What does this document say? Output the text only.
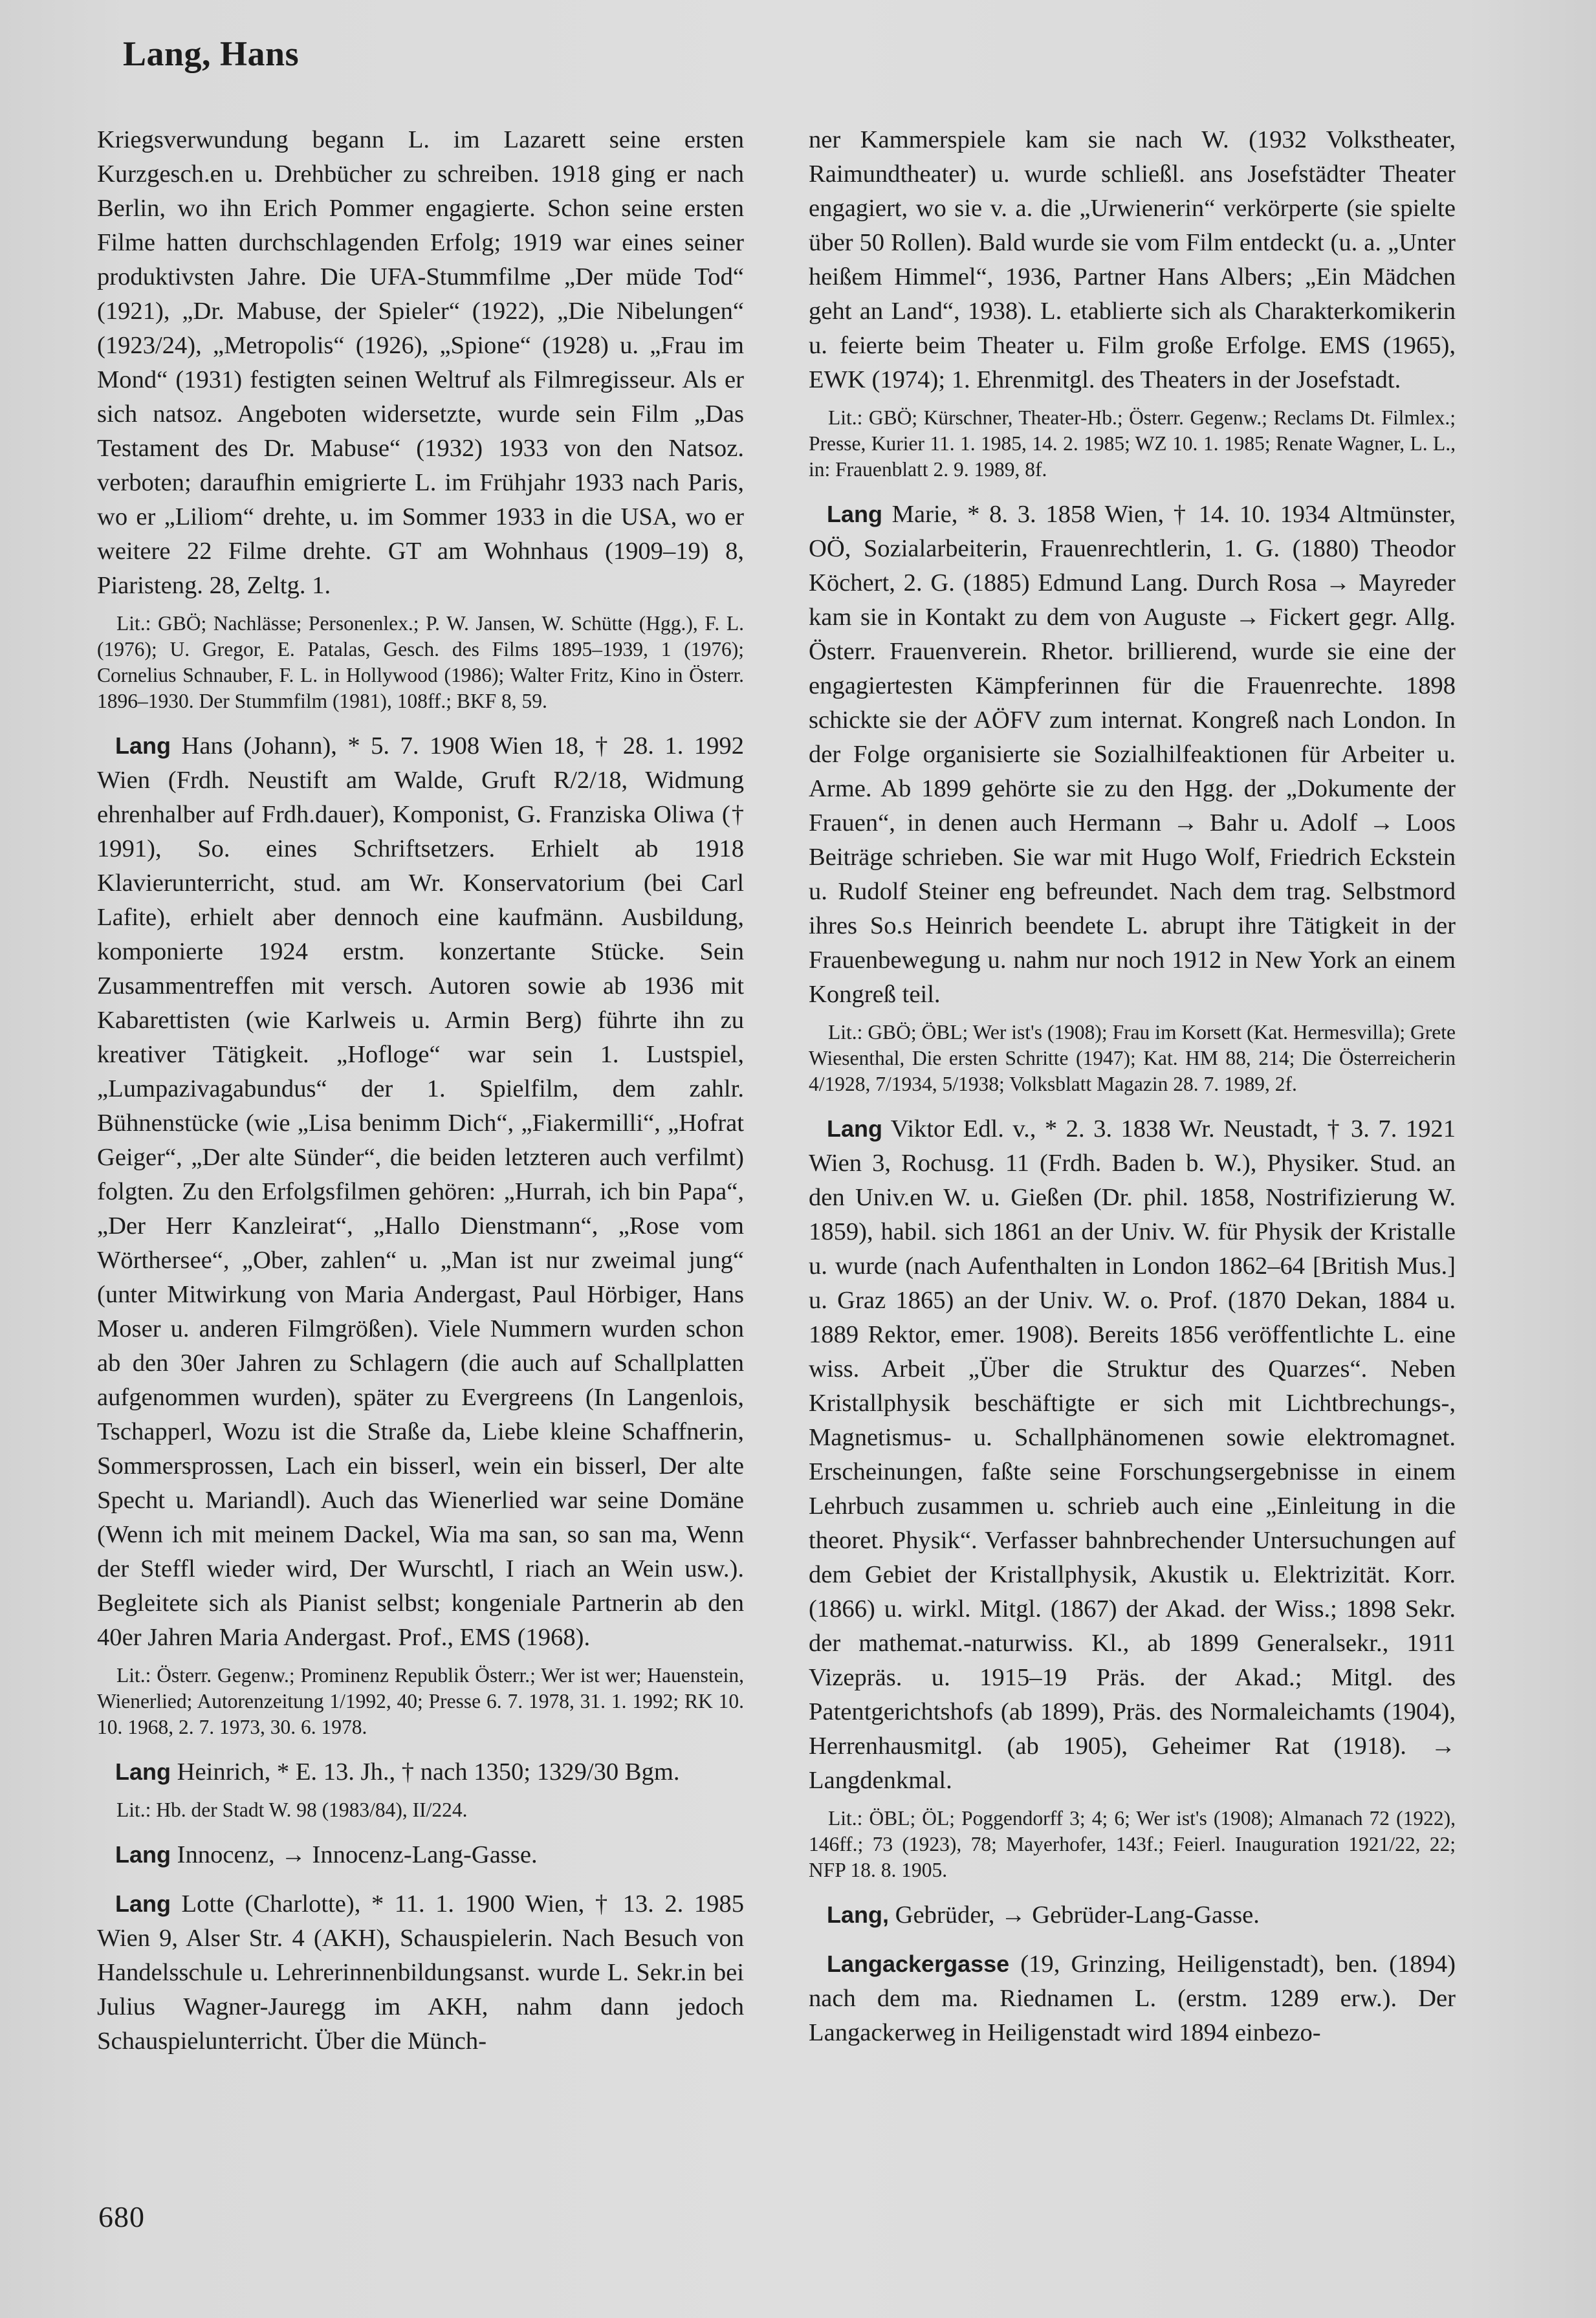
Lang, Hans

Kriegsverwundung begann L. im Lazarett seine ersten Kurzgesch.en u. Drehbücher zu schreiben. 1918 ging er nach Berlin, wo ihn Erich Pommer engagierte. Schon seine ersten Filme hatten durchschlagenden Erfolg; 1919 war eines seiner produktivsten Jahre. Die UFA-Stummfilme „Der müde Tod“ (1921), „Dr. Mabuse, der Spieler“ (1922), „Die Nibelungen“ (1923/24), „Metropolis“ (1926), „Spione“ (1928) u. „Frau im Mond“ (1931) festigten seinen Weltruf als Filmregisseur. Als er sich natsoz. Angeboten widersetzte, wurde sein Film „Das Testament des Dr. Mabuse“ (1932) 1933 von den Natsoz. verboten; daraufhin emigrierte L. im Frühjahr 1933 nach Paris, wo er „Liliom“ drehte, u. im Sommer 1933 in die USA, wo er weitere 22 Filme drehte. GT am Wohnhaus (1909–19) 8, Piaristeng. 28, Zeltg. 1.

Lit.: GBÖ; Nachlässe; Personenlex.; P. W. Jansen, W. Schütte (Hgg.), F. L. (1976); U. Gregor, E. Patalas, Gesch. des Films 1895–1939, 1 (1976); Cornelius Schnauber, F. L. in Hollywood (1986); Walter Fritz, Kino in Österr. 1896–1930. Der Stummfilm (1981), 108ff.; BKF 8, 59.

Lang Hans (Johann), * 5. 7. 1908 Wien 18, † 28. 1. 1992 Wien (Frdh. Neustift am Walde, Gruft R/2/18, Widmung ehrenhalber auf Frdh.dauer), Komponist, G. Franziska Oliwa († 1991), So. eines Schriftsetzers. Erhielt ab 1918 Klavierunterricht, stud. am Wr. Konservatorium (bei Carl Lafite), erhielt aber dennoch eine kaufmänn. Ausbildung, komponierte 1924 erstm. konzertante Stücke. Sein Zusammentreffen mit versch. Autoren sowie ab 1936 mit Kabarettisten (wie Karlweis u. Armin Berg) führte ihn zu kreativer Tätigkeit. „Hofloge“ war sein 1. Lustspiel, „Lumpazivagabundus“ der 1. Spielfilm, dem zahlr. Bühnenstücke (wie „Lisa benimm Dich“, „Fiakermilli“, „Hofrat Geiger“, „Der alte Sünder“, die beiden letzteren auch verfilmt) folgten. Zu den Erfolgsfilmen gehören: „Hurrah, ich bin Papa“, „Der Herr Kanzleirat“, „Hallo Dienstmann“, „Rose vom Wörthersee“, „Ober, zahlen“ u. „Man ist nur zweimal jung“ (unter Mitwirkung von Maria Andergast, Paul Hörbiger, Hans Moser u. anderen Filmgrößen). Viele Nummern wurden schon ab den 30er Jahren zu Schlagern (die auch auf Schallplatten aufgenommen wurden), später zu Evergreens (In Langenlois, Tschapperl, Wozu ist die Straße da, Liebe kleine Schaffnerin, Sommersprossen, Lach ein bisserl, wein ein bisserl, Der alte Specht u. Mariandl). Auch das Wienerlied war seine Domäne (Wenn ich mit meinem Dackel, Wia ma san, so san ma, Wenn der Steffl wieder wird, Der Wurschtl, I riach an Wein usw.). Begleitete sich als Pianist selbst; kongeniale Partnerin ab den 40er Jahren Maria Andergast. Prof., EMS (1968).

Lit.: Österr. Gegenw.; Prominenz Republik Österr.; Wer ist wer; Hauenstein, Wienerlied; Autorenzeitung 1/1992, 40; Presse 6. 7. 1978, 31. 1. 1992; RK 10. 10. 1968, 2. 7. 1973, 30. 6. 1978.

Lang Heinrich, * E. 13. Jh., † nach 1350; 1329/30 Bgm.

Lit.: Hb. der Stadt W. 98 (1983/84), II/224.

Lang Innocenz, → Innocenz-Lang-Gasse.

Lang Lotte (Charlotte), * 11. 1. 1900 Wien, † 13. 2. 1985 Wien 9, Alser Str. 4 (AKH), Schauspielerin. Nach Besuch von Handelsschule u. Lehrerinnenbildungsanst. wurde L. Sekr.in bei Julius Wagner-Jauregg im AKH, nahm dann jedoch Schauspielunterricht. Über die Münch-

ner Kammerspiele kam sie nach W. (1932 Volkstheater, Raimundtheater) u. wurde schließl. ans Josefstädter Theater engagiert, wo sie v. a. die „Urwienerin“ verkörperte (sie spielte über 50 Rollen). Bald wurde sie vom Film entdeckt (u. a. „Unter heißem Himmel“, 1936, Partner Hans Albers; „Ein Mädchen geht an Land“, 1938). L. etablierte sich als Charakterkomikerin u. feierte beim Theater u. Film große Erfolge. EMS (1965), EWK (1974); 1. Ehrenmitgl. des Theaters in der Josefstadt.

Lit.: GBÖ; Kürschner, Theater-Hb.; Österr. Gegenw.; Reclams Dt. Filmlex.; Presse, Kurier 11. 1. 1985, 14. 2. 1985; WZ 10. 1. 1985; Renate Wagner, L. L., in: Frauenblatt 2. 9. 1989, 8f.

Lang Marie, * 8. 3. 1858 Wien, † 14. 10. 1934 Altmünster, OÖ, Sozialarbeiterin, Frauenrechtlerin, 1. G. (1880) Theodor Köchert, 2. G. (1885) Edmund Lang. Durch Rosa → Mayreder kam sie in Kontakt zu dem von Auguste → Fickert gegr. Allg. Österr. Frauenverein. Rhetor. brillierend, wurde sie eine der engagiertesten Kämpferinnen für die Frauenrechte. 1898 schickte sie der AÖFV zum internat. Kongreß nach London. In der Folge organisierte sie Sozialhilfeaktionen für Arbeiter u. Arme. Ab 1899 gehörte sie zu den Hgg. der „Dokumente der Frauen“, in denen auch Hermann → Bahr u. Adolf → Loos Beiträge schrieben. Sie war mit Hugo Wolf, Friedrich Eckstein u. Rudolf Steiner eng befreundet. Nach dem trag. Selbstmord ihres So.s Heinrich beendete L. abrupt ihre Tätigkeit in der Frauenbewegung u. nahm nur noch 1912 in New York an einem Kongreß teil.

Lit.: GBÖ; ÖBL; Wer ist's (1908); Frau im Korsett (Kat. Hermesvilla); Grete Wiesenthal, Die ersten Schritte (1947); Kat. HM 88, 214; Die Österreicherin 4/1928, 7/1934, 5/1938; Volksblatt Magazin 28. 7. 1989, 2f.

Lang Viktor Edl. v., * 2. 3. 1838 Wr. Neustadt, † 3. 7. 1921 Wien 3, Rochusg. 11 (Frdh. Baden b. W.), Physiker. Stud. an den Univ.en W. u. Gießen (Dr. phil. 1858, Nostrifizierung W. 1859), habil. sich 1861 an der Univ. W. für Physik der Kristalle u. wurde (nach Aufenthalten in London 1862–64 [British Mus.] u. Graz 1865) an der Univ. W. o. Prof. (1870 Dekan, 1884 u. 1889 Rektor, emer. 1908). Bereits 1856 veröffentlichte L. eine wiss. Arbeit „Über die Struktur des Quarzes“. Neben Kristallphysik beschäftigte er sich mit Lichtbrechungs-, Magnetismus- u. Schallphänomenen sowie elektromagnet. Erscheinungen, faßte seine Forschungsergebnisse in einem Lehrbuch zusammen u. schrieb auch eine „Einleitung in die theoret. Physik“. Verfasser bahnbrechender Untersuchungen auf dem Gebiet der Kristallphysik, Akustik u. Elektrizität. Korr. (1866) u. wirkl. Mitgl. (1867) der Akad. der Wiss.; 1898 Sekr. der mathemat.-naturwiss. Kl., ab 1899 Generalsekr., 1911 Vizepräs. u. 1915–19 Präs. der Akad.; Mitgl. des Patentgerichtshofs (ab 1899), Präs. des Normaleichamts (1904), Herrenhausmitgl. (ab 1905), Geheimer Rat (1918). → Langdenkmal.

Lit.: ÖBL; ÖL; Poggendorff 3; 4; 6; Wer ist's (1908); Almanach 72 (1922), 146ff.; 73 (1923), 78; Mayerhofer, 143f.; Feierl. Inauguration 1921/22, 22; NFP 18. 8. 1905.

Lang, Gebrüder, → Gebrüder-Lang-Gasse.

Langackergasse (19, Grinzing, Heiligenstadt), ben. (1894) nach dem ma. Riednamen L. (erstm. 1289 erw.). Der Langackerweg in Heiligenstadt wird 1894 einbezo-

680
